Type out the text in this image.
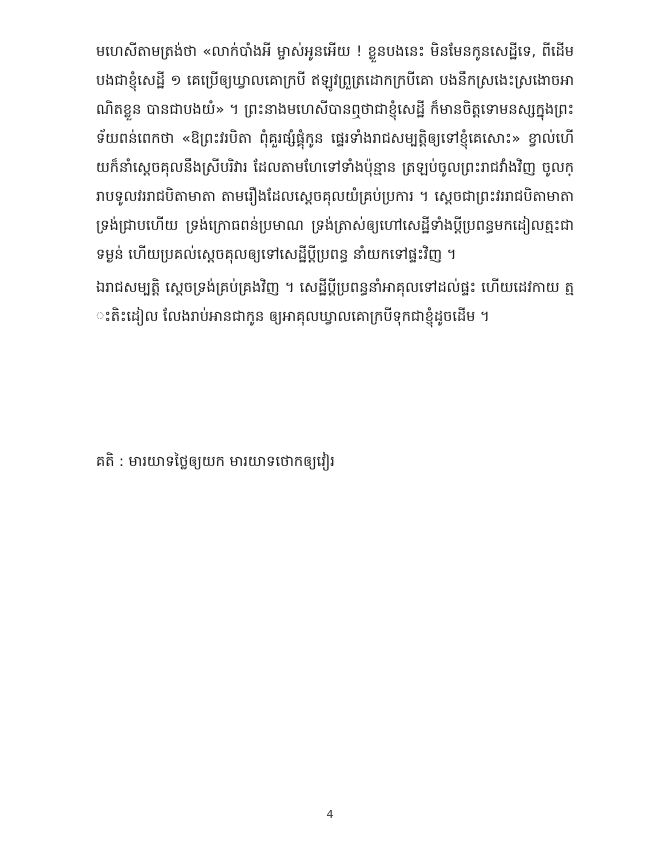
មហេសីតាមត្រង់ថា «លាក់បាំងអី ម្ចាស់អូនអើយ ! ខ្លួនបងនេះ មិនមែនកូនសេដ្ឋីទេ, ពីដើមបងជាខ្ញុំសេដ្ឋី ១ គេប្រើឲ្យឃ្វាលគោក្របី ឥឡូវព្រួត្រដោកក្របីគោ បងនឹកស្រងេះស្រងោចអាណិតខ្លួន បានជាបងយំ» ។ ព្រះនាងមហេសីបានឮថាជាខ្ញុំសេដ្ឋី ក៏មានចិត្តទោមនស្សក្នុងព្រះទ័យពន់ពេកថា «ឱព្រះវរបិតា ពុំគួរផ្សំផ្គុំកូន ផ្ទេរទាំងរាជសម្បត្តិឲ្យទៅខ្ញុំគេសោះ» ខ្វាល់ហើយក៏នាំស្ដេចគុលនឹងស្រីបរិវារ ដែលតាមហែទៅទាំងប៉ុន្មាន ត្រឡប់ចូលព្រះរាជវាំងវិញ ចូលក្រាបទូលវររាជបិតាមាតា តាមរឿងដែលស្ដេចគុលយំគ្រប់ប្រការ ។ ស្ដេចជាព្រះវររាជបិតាមាតាទ្រង់ជ្រាបហើយ ទ្រង់ក្រោធពន់ប្រមាណ ទ្រង់ត្រាស់ឲ្យហៅសេដ្ឋីទាំងប្ដីប្រពន្ធមកដៀលត្មះជាទម្ងន់ ហើយប្រគល់ស្ដេចគុលឲ្យទៅសេដ្ឋីប្ដីប្រពន្ធ នាំយកទៅផ្ទះវិញ ។

ឯរាជសម្បត្តិ ស្ដេចទ្រង់គ្រប់គ្រងវិញ ។ សេដ្ឋីប្ដីប្រពន្ធនាំអាគុលទៅដល់ផ្ទះ ហើយដេវកាយ ត្មះតិះដៀល លែងរាប់អានជាកូន ឲ្យអាគុលឃ្វាលគោក្របីទុកជាខ្ញុំដូចដើម ។

គតិ : មារយាទថ្លៃឲ្យយក មារយាទថោកឲ្យវៀរ
4
